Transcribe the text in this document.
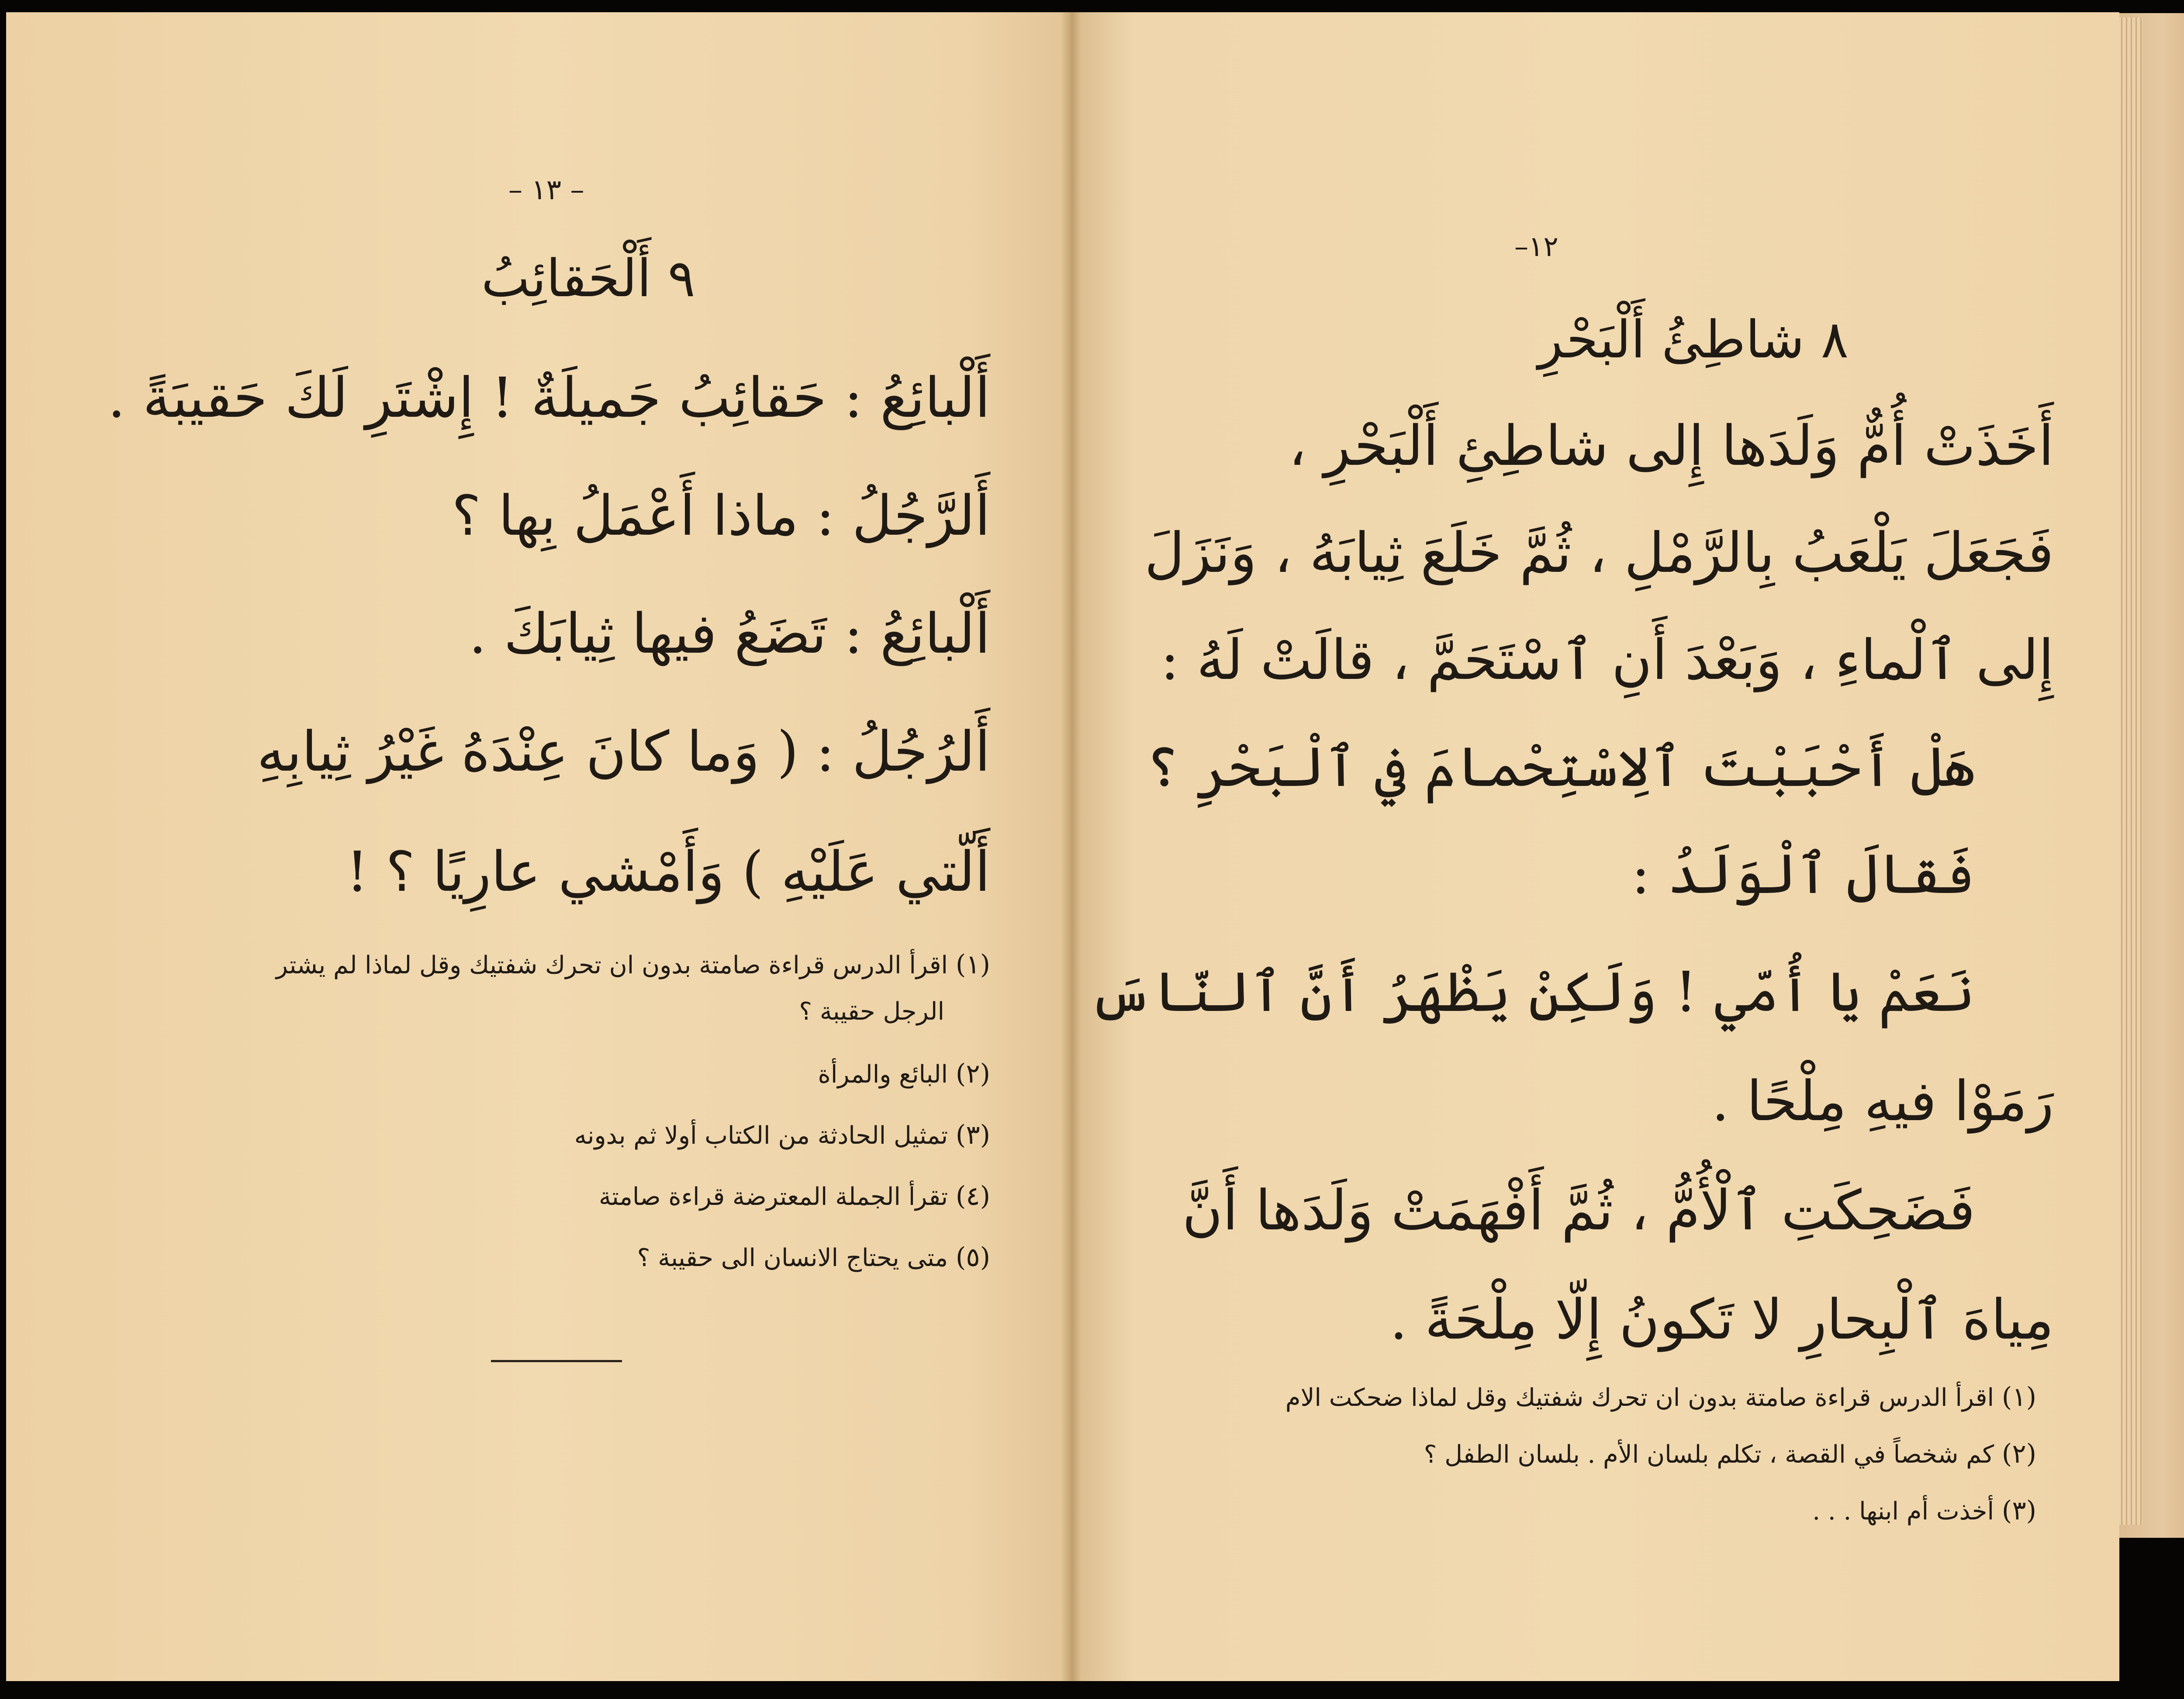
– ١٣ –
٩ أَلْحَقائِبُ
أَلْبائِعُ : حَقائِبُ جَميلَةٌ ! إِشْتَرِ لَكَ حَقيبَةً .
أَلرَّجُلُ : ماذا أَعْمَلُ بِها ؟
أَلْبائِعُ : تَضَعُ فيها ثِيابَكَ .
أَلرُجُلُ : ( وَما كانَ عِنْدَهُ غَيْرُ ثِيابِهِ
أَلّتي عَلَيْهِ ) وَأَمْشي عارِيًا ؟ !
(١) اقرأ الدرس قراءة صامتة بدون ان تحرك شفتيك وقل لماذا لم يشتر
الرجل حقيبة ؟
(٢) البائع والمرأة
(٣) تمثيل الحادثة من الكتاب أولا ثم بدونه
(٤) تقرأ الجملة المعترضة قراءة صامتة
(٥) متى يحتاج الانسان الى حقيبة ؟
–١٢
٨ شاطِئُ أَلْبَحْرِ
أَخَذَتْ أُمٌّ وَلَدَها إِلى شاطِئِ أَلْبَحْرِ ،
فَجَعَلَ يَلْعَبُ بِالرَّمْلِ ، ثُمَّ خَلَعَ ثِيابَهُ ، وَنَزَلَ
إِلى ٱلْماءِ ، وَبَعْدَ أَنِ ٱسْتَحَمَّ ، قالَتْ لَهُ :
هَلْ أَحْبَبْتَ ٱلِاسْتِحْمامَ في ٱلْبَحْرِ ؟
فَقالَ ٱلْوَلَدُ :
نَعَمْ يا أُمّي ! وَلَكِنْ يَظْهَرُ أَنَّ ٱلنّاسَ
رَمَوْا فيهِ مِلْحًا .
فَضَحِكَتِ ٱلْأُمُّ ، ثُمَّ أَفْهَمَتْ وَلَدَها أَنَّ
مِياهَ ٱلْبِحارِ لا تَكونُ إِلّا مِلْحَةً .
(١) اقرأ الدرس قراءة صامتة بدون ان تحرك شفتيك وقل لماذا ضحكت الام
(٢) كم شخصاً في القصة ، تكلم بلسان الأم . بلسان الطفل ؟
(٣) أخذت أم ابنها . . .
